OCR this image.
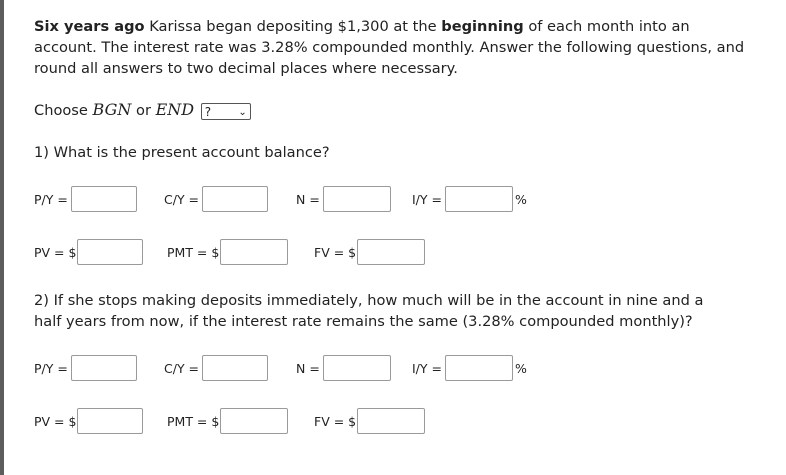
Six years ago Karissa began depositing $1,300 at the beginning of each month into an account. The interest rate was 3.28% compounded monthly. Answer the following questions, and round all answers to two decimal places where necessary.
Choose BGN or END ?	⌄
1) What is the present account balance?
P/Y =	C/Y =	N =	I/Y =	%
PV = $	PMT = $	FV = $
2) If she stops making deposits immediately, how much will be in the account in nine and a half years from now, if the interest rate remains the same (3.28% compounded monthly)?
P/Y =	C/Y =	N =	I/Y =	%
PV = $	PMT = $	FV = $
